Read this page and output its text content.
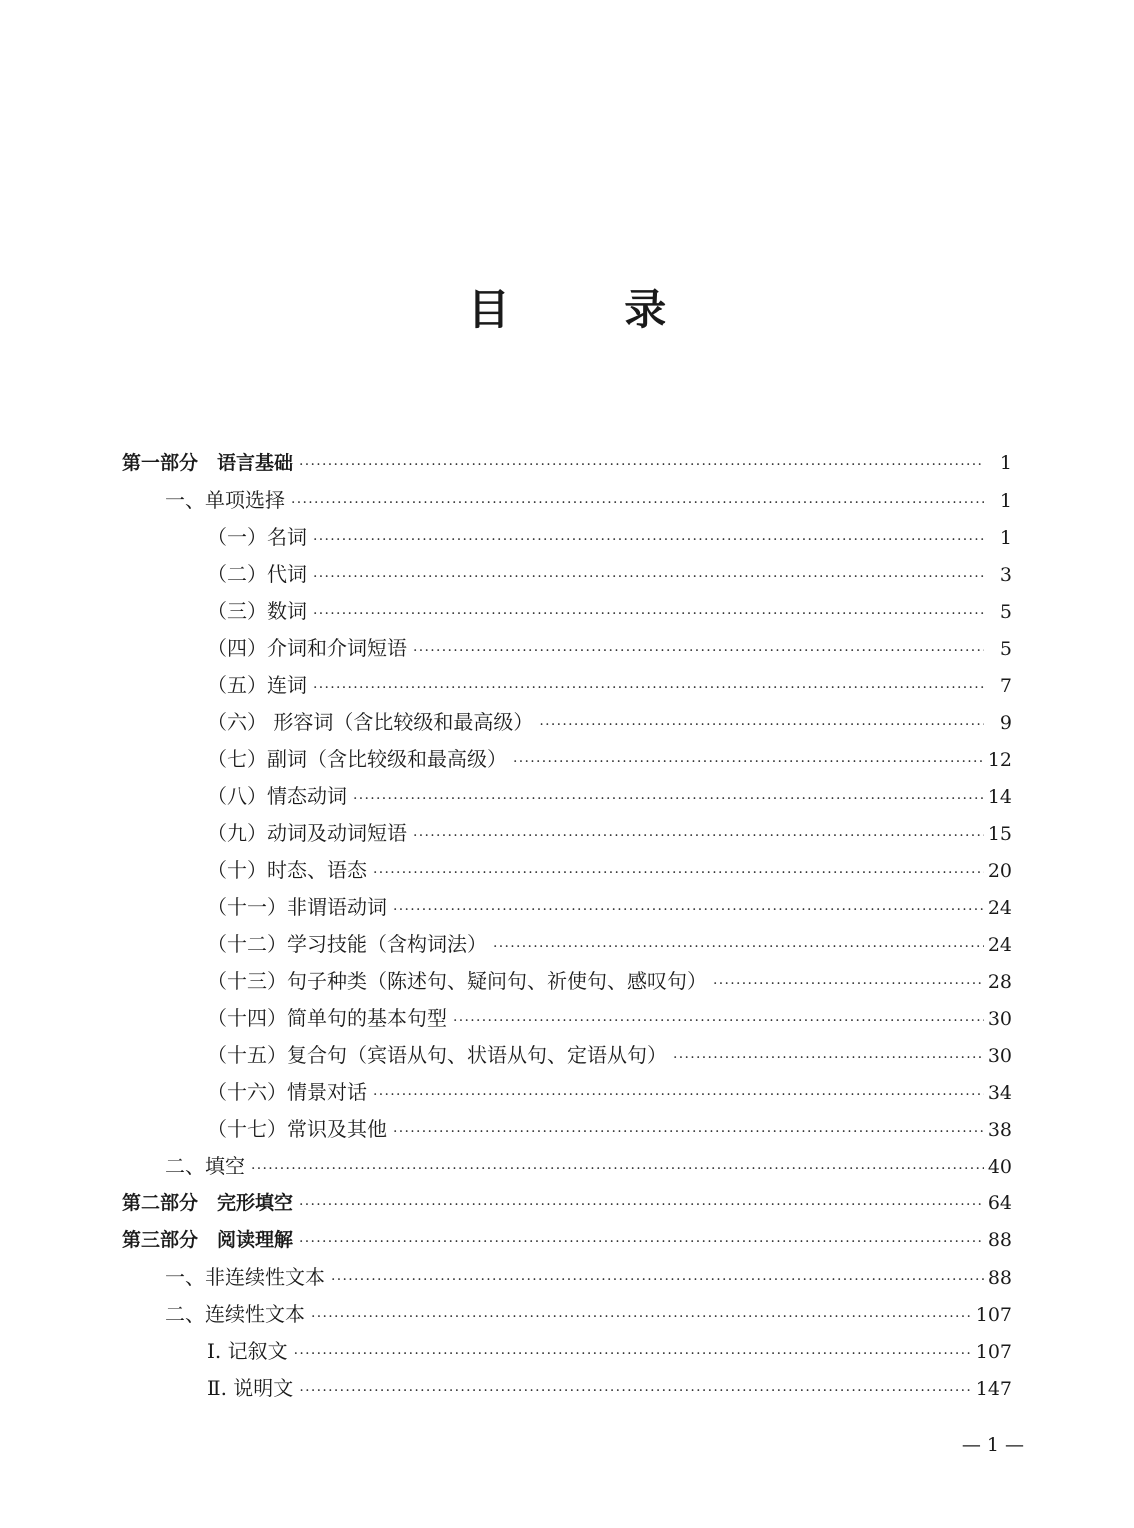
目 录
第一部分　语言基础 ·····	1
一、单项选择 ·····	1
（一）名词 ·····	1
（二）代词 ·····	3
（三）数词 ·····	5
（四）介词和介词短语 ·····	5
（五）连词 ·····	7
（六） 形容词（含比较级和最高级） ·····	9
（七）副词（含比较级和最高级） ·····	12
（八）情态动词 ·····	14
（九）动词及动词短语 ·····	15
（十）时态、语态 ·····	20
（十一）非谓语动词 ·····	24
（十二）学习技能（含构词法） ·····	24
（十三）句子种类（陈述句、疑问句、祈使句、感叹句） ·····	28
（十四）简单句的基本句型 ·····	30
（十五）复合句（宾语从句、状语从句、定语从句） ·····	30
（十六）情景对话 ·····	34
（十七）常识及其他 ·····	38
二、填空 ·····	40
第二部分　完形填空 ·····	64
第三部分　阅读理解 ·····	88
一、非连续性文本 ·····	88
二、连续性文本 ·····	107
Ⅰ. 记叙文 ·····	107
Ⅱ. 说明文 ·····	147
— 1 —
